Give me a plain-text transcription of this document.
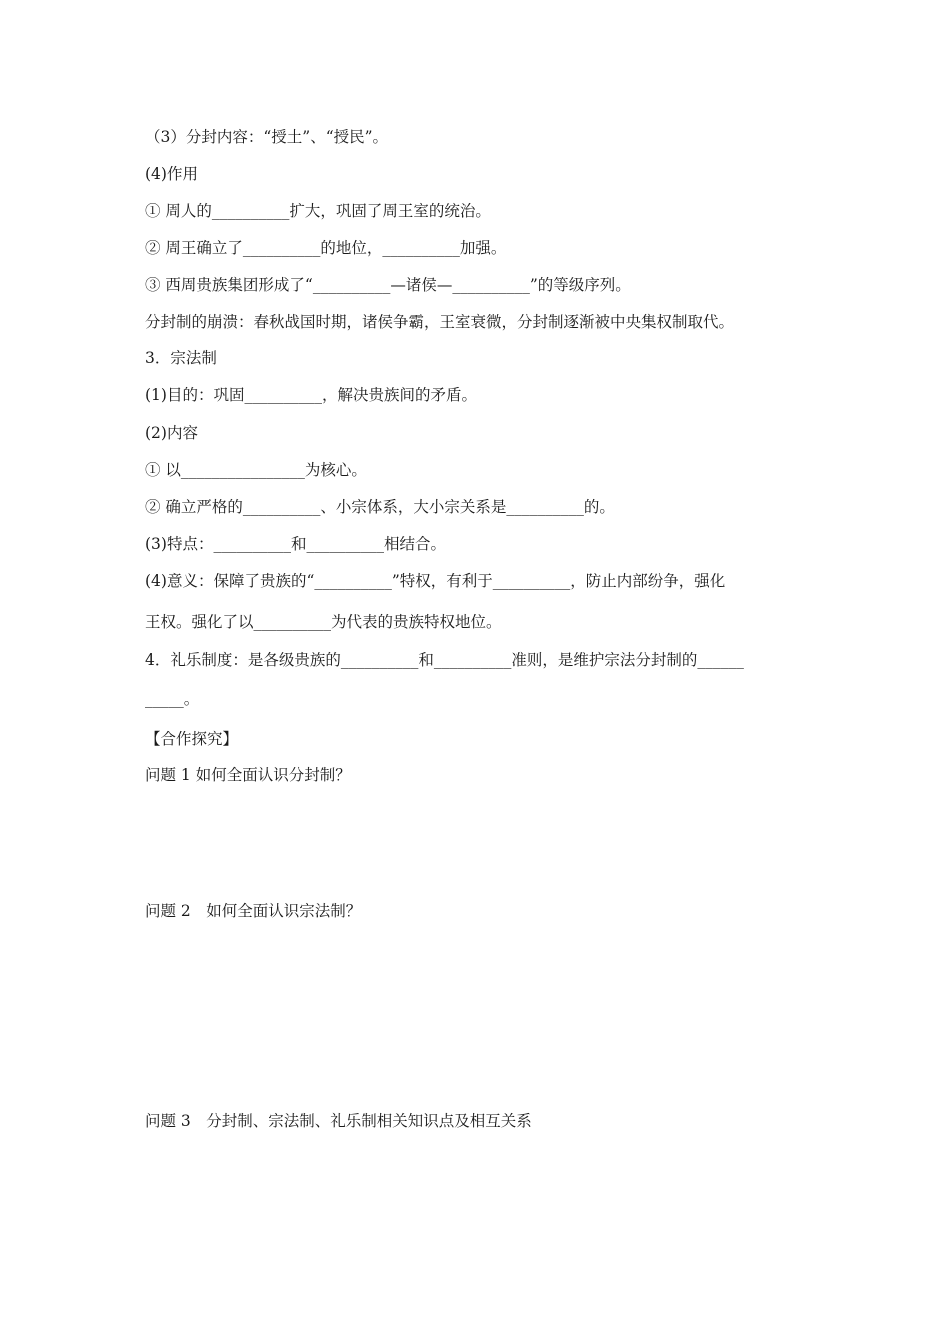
（3）分封内容：“授土”、“授民”。
(4)作用
① 周人的__________扩大，巩固了周王室的统治。
② 周王确立了__________的地位，__________加强。
③ 西周贵族集团形成了“__________—诸侯—__________”的等级序列。
分封制的崩溃：春秋战国时期，诸侯争霸，王室衰微，分封制逐渐被中央集权制取代。
3．宗法制
(1)目的：巩固__________，解决贵族间的矛盾。
(2)内容
① 以________________为核心。
② 确立严格的__________、小宗体系，大小宗关系是__________的。
(3)特点：__________和__________相结合。
(4)意义：保障了贵族的“__________”特权，有利于__________，防止内部纷争，强化
王权。强化了以__________为代表的贵族特权地位。
4．礼乐制度：是各级贵族的__________和__________准则，是维护宗法分封制的______
_____。
【合作探究】
问题 1 如何全面认识分封制？
问题 2　如何全面认识宗法制？
问题 3　分封制、宗法制、礼乐制相关知识点及相互关系
